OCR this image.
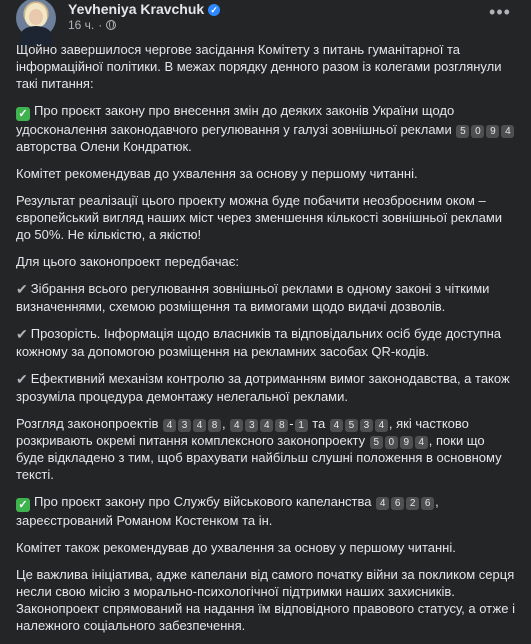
Yevheniya Kravchuk ✓
16 ч. ·
•••

Щойно завершилося чергове засідання Комітету з питань гуманітарної та інформаційної політики. В межах порядку денного разом із колегами розглянули такі питання:

✓ Про проєкт закону про внесення змін до деяких законів України щодо удосконалення законодавчого регулювання у галузі зовнішньої реклами 5 0 9 4 авторства Олени Кондратюк.

Комітет рекомендував до ухвалення за основу у першому читанні.

Результат реалізації цього проекту можна буде побачити неозброєним оком – європейський вигляд наших міст через зменшення кількості зовнішньої реклами до 50%. Не кількістю, а якістю!

Для цього законопроект передбачає:

✔ Зібрання всього регулювання зовнішньої реклами в одному законі з чіткими визначеннями, схемою розміщення та вимогами щодо видачі дозволів.

✔ Прозорість. Інформація щодо власників та відповідальних осіб буде доступна кожному за допомогою розміщення на рекламних засобах QR-кодів.

✔ Ефективний механізм контролю за дотриманням вимог законодавства, а також зрозуміла процедура демонтажу нелегальної реклами.

Розгляд законопроектів 4 3 4 8 , 4 3 4 8 - 1 та 4 5 3 4 , які частково розкривають окремі питання комплексного законопроекту 5 0 9 4 , поки що буде відкладено з тим, щоб врахувати найбільш слушні положення в основному тексті.

✓ Про проєкт закону про Службу військового капеланства 4 6 2 6 , зареєстрований Романом Костенком та ін.

Комітет також рекомендував до ухвалення за основу у першому читанні.

Це важлива ініціатива, адже капелани від самого початку війни за покликом серця несли свою місію з морально-психологічної підтримки наших захисників. Законопроект спрямований на надання їм відповідного правового статусу, а отже і належного соціального забезпечення.
